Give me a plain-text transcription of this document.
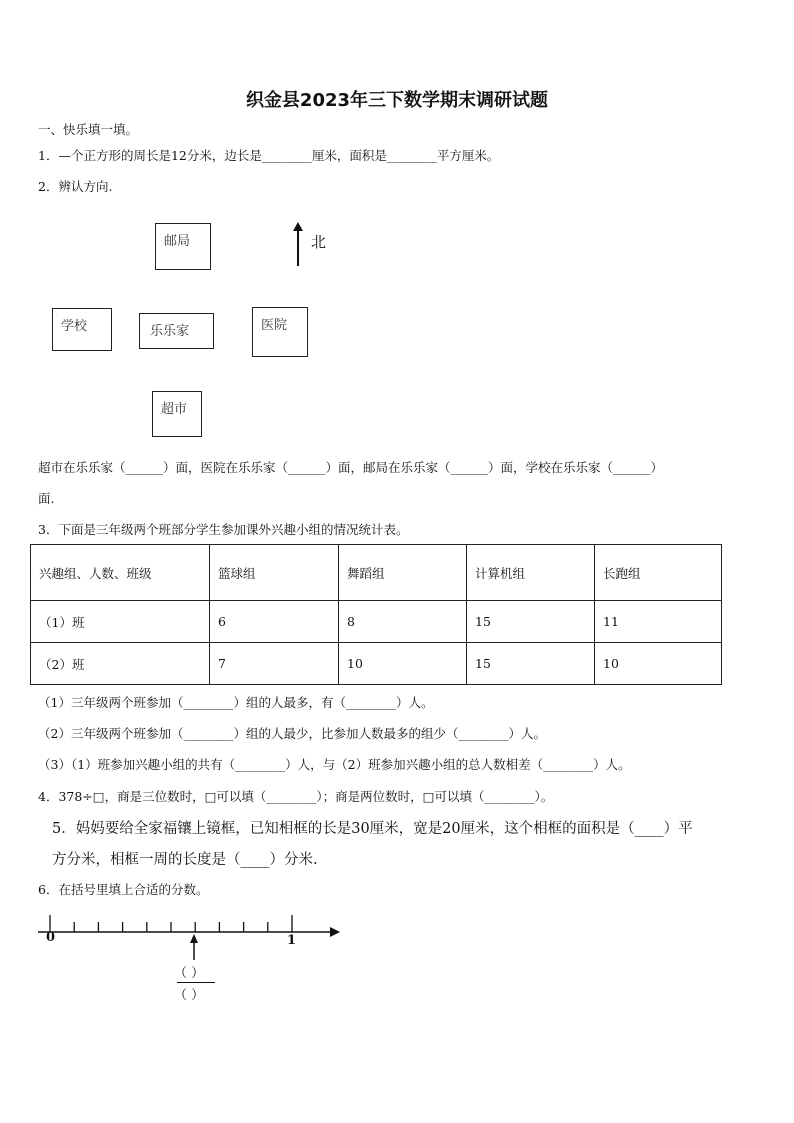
织金县2023年三下数学期末调研试题
一、快乐填一填。
1．—个正方形的周长是12分米，边长是________厘米，面积是________平方厘米。
2．辨认方向.
邮局	北
学校	乐乐家	医院
超市
超市在乐乐家（______）面，医院在乐乐家（______）面，邮局在乐乐家（______）面，学校在乐乐家（______）
面.
3．下面是三年级两个班部分学生参加课外兴趣小组的情况统计表。
兴趣组、人数、班级	篮球组	舞蹈组	计算机组	长跑组
（1）班	6	8	15	11
（2）班	7	10	15	10
（1）三年级两个班参加（________）组的人最多，有（________）人。
（2）三年级两个班参加（________）组的人最少，比参加人数最多的组少（________）人。
（3）（1）班参加兴趣小组的共有（________）人，与（2）班参加兴趣小组的总人数相差（________）人。
4．378÷□，商是三位数时，□可以填（________）；商是两位数时，□可以填（________）。
5．妈妈要给全家福镶上镜框，已知相框的长是30厘米，宽是20厘米，这个相框的面积是（____）平
方分米，相框一周的长度是（____）分米.
6．在括号里填上合适的分数。
0	1
（ ）
（ ）
